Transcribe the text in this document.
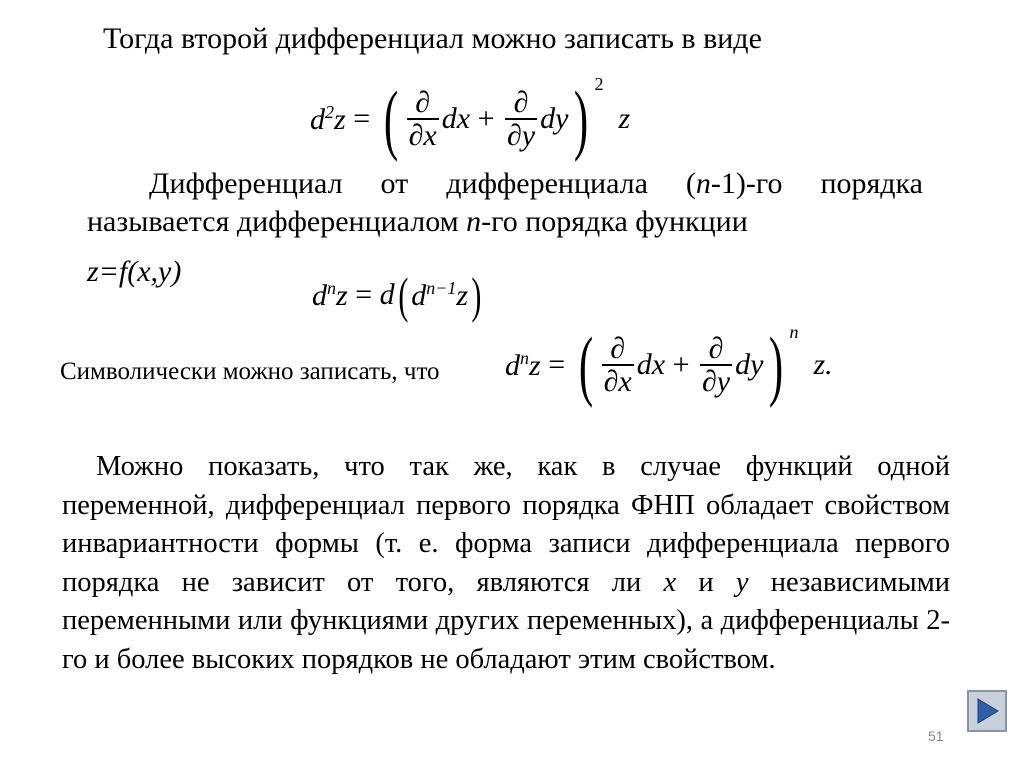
Тогда второй дифференциал можно записать в виде
$d^2z$ = ( $\frac{\partial}{\partial x}$ dx + $\frac{\partial}{\partial y}$ dy ) 2

z
Дифференциал от дифференциала (n-1)-го порядка называется дифференциалом n-го порядка функции
z=f(x,y)
$d^nz = d$ ( $d^{n-1}z$ )
Символически можно записать, что $d^nz$ = ( $\frac{\partial}{\partial x}$ dx + $\frac{\partial}{\partial y}$ dy ) n

z.
Можно показать, что так же, как в случае функций одной переменной, дифференциал первого порядка ФНП обладает свойством инвариантности формы (т. е. форма записи дифференциала первого порядка не зависит от того, являются ли x и y независимыми переменными или функциями других переменных), а дифференциалы 2-го и более высоких порядков не обладают этим свойством.
51
